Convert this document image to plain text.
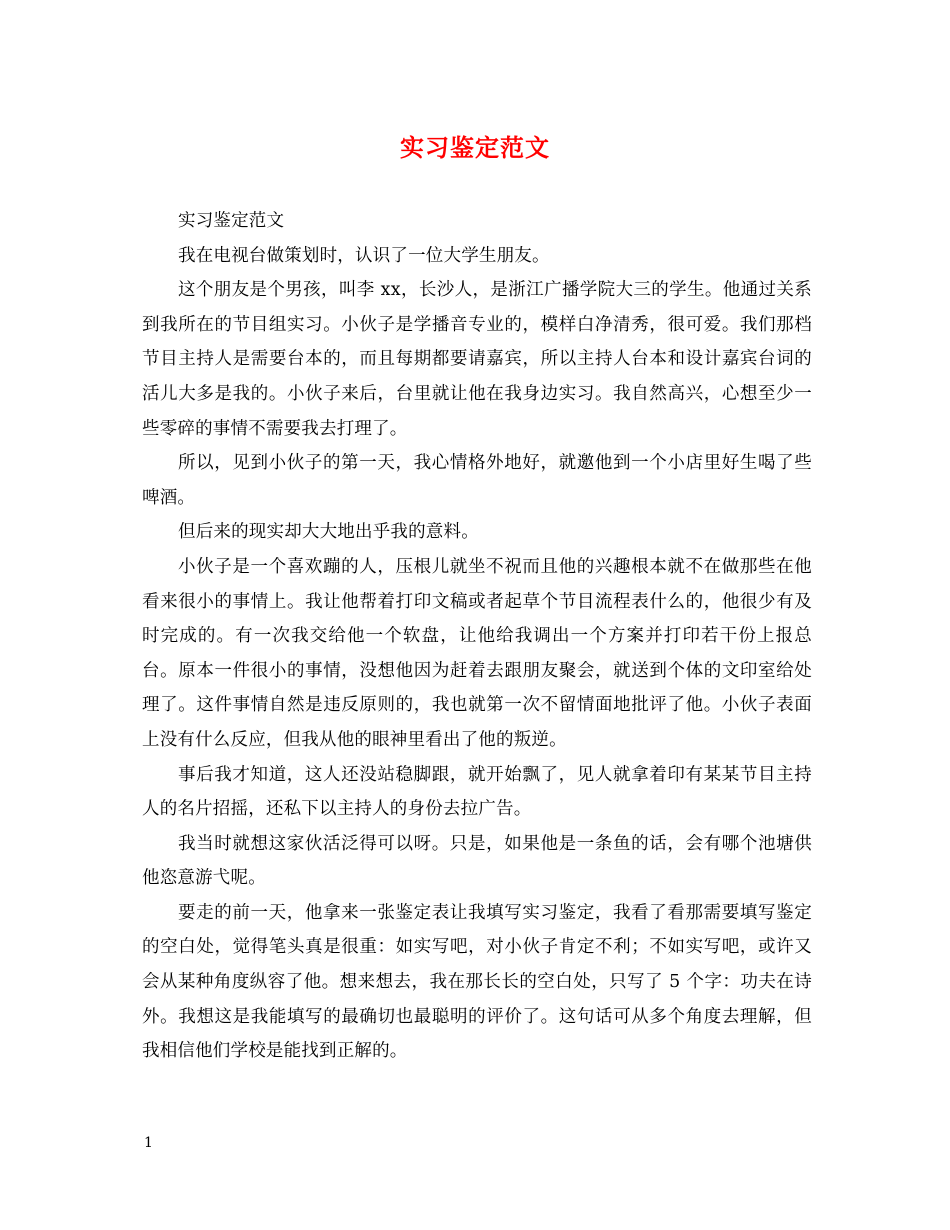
实习鉴定范文

实习鉴定范文

我在电视台做策划时，认识了一位大学生朋友。

这个朋友是个男孩，叫李 xx，长沙人，是浙江广播学院大三的学生。他通过关系到我所在的节目组实习。小伙子是学播音专业的，模样白净清秀，很可爱。我们那档节目主持人是需要台本的，而且每期都要请嘉宾，所以主持人台本和设计嘉宾台词的活儿大多是我的。小伙子来后，台里就让他在我身边实习。我自然高兴，心想至少一些零碎的事情不需要我去打理了。

所以，见到小伙子的第一天，我心情格外地好，就邀他到一个小店里好生喝了些啤酒。

但后来的现实却大大地出乎我的意料。

小伙子是一个喜欢蹦的人，压根儿就坐不祝而且他的兴趣根本就不在做那些在他看来很小的事情上。我让他帮着打印文稿或者起草个节目流程表什么的，他很少有及时完成的。有一次我交给他一个软盘，让他给我调出一个方案并打印若干份上报总台。原本一件很小的事情，没想他因为赶着去跟朋友聚会，就送到个体的文印室给处理了。这件事情自然是违反原则的，我也就第一次不留情面地批评了他。小伙子表面上没有什么反应，但我从他的眼神里看出了他的叛逆。

事后我才知道，这人还没站稳脚跟，就开始飘了，见人就拿着印有某某节目主持人的名片招摇，还私下以主持人的身份去拉广告。

我当时就想这家伙活泛得可以呀。只是，如果他是一条鱼的话，会有哪个池塘供他恣意游弋呢。

要走的前一天，他拿来一张鉴定表让我填写实习鉴定，我看了看那需要填写鉴定的空白处，觉得笔头真是很重：如实写吧，对小伙子肯定不利；不如实写吧，或许又会从某种角度纵容了他。想来想去，我在那长长的空白处，只写了 5 个字：功夫在诗外。我想这是我能填写的最确切也最聪明的评价了。这句话可从多个角度去理解，但我相信他们学校是能找到正解的。

1
